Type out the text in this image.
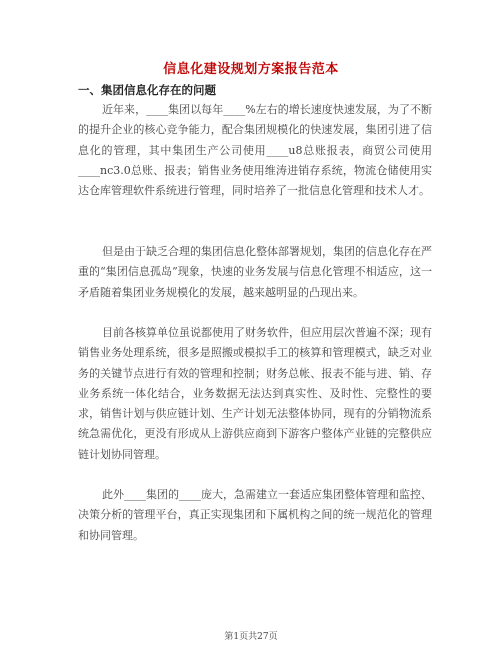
信息化建设规划方案报告范本
一、集团信息化存在的问题

近年来，____集团以每年____%左右的增长速度快速发展，为了不断的提升企业的核心竞争能力，配合集团规模化的快速发展，集团引进了信息化的管理，其中集团生产公司使用____u8总账报表，商贸公司使用____nc3.0总账、报表；销售业务使用维涛进销存系统，物流仓储使用实达仓库管理软件系统进行管理，同时培养了一批信息化管理和技术人才。

但是由于缺乏合理的集团信息化整体部署规划，集团的信息化存在严重的“集团信息孤岛”现象，快速的业务发展与信息化管理不相适应，这一矛盾随着集团业务规模化的发展，越来越明显的凸现出来。

目前各核算单位虽说都使用了财务软件，但应用层次普遍不深；现有销售业务处理系统，很多是照搬或模拟手工的核算和管理模式，缺乏对业务的关键节点进行有效的管理和控制；财务总帐、报表不能与进、销、存业务系统一体化结合，业务数据无法达到真实性、及时性、完整性的要求，销售计划与供应链计划、生产计划无法整体协同，现有的分销物流系统急需优化，更没有形成从上游供应商到下游客户整体产业链的完整供应链计划协同管理。

此外____集团的____庞大，急需建立一套适应集团整体管理和监控、决策分析的管理平台，真正实现集团和下属机构之间的统一规范化的管理和协同管理。

第1页共27页
